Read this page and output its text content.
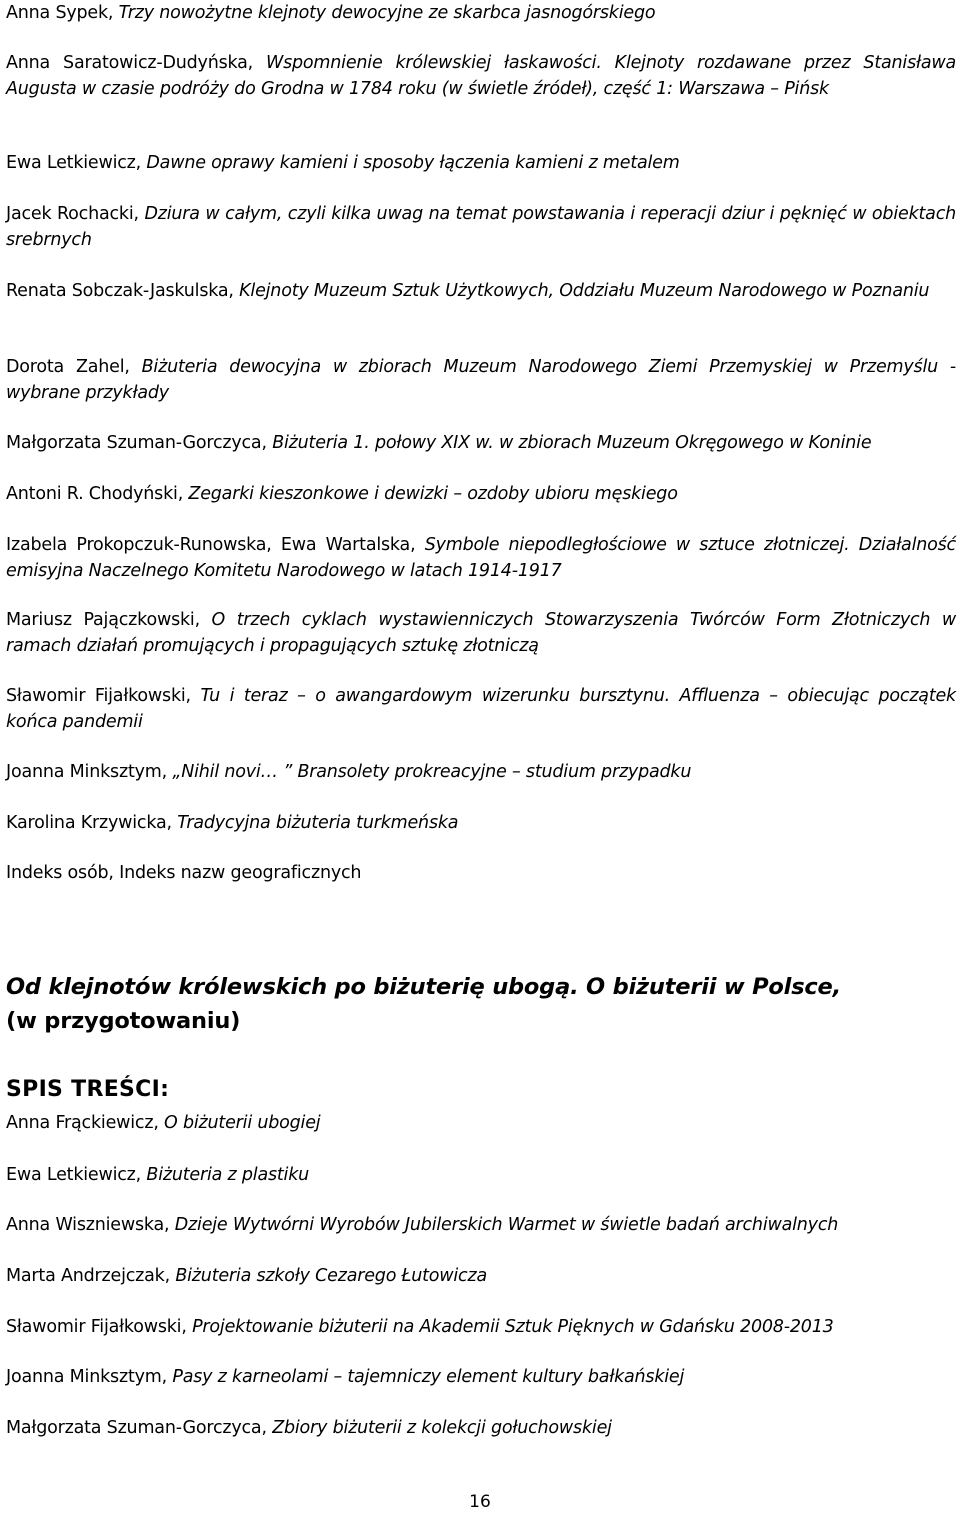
Anna Sypek, Trzy nowożytne klejnoty dewocyjne ze skarbca jasnogórskiego
Anna Saratowicz-Dudyńska, Wspomnienie królewskiej łaskawości. Klejnoty rozdawane przez Stanisława Augusta w czasie podróży do Grodna w 1784 roku (w świetle źródeł), część 1: Warszawa – Pińsk
Ewa Letkiewicz, Dawne oprawy kamieni i sposoby łączenia kamieni z metalem
Jacek Rochacki, Dziura w całym, czyli kilka uwag na temat powstawania i reperacji dziur i pęknięć w obiektach srebrnych
Renata Sobczak-Jaskulska, Klejnoty Muzeum Sztuk Użytkowych, Oddziału Muzeum Narodowego w Poznaniu
Dorota Zahel, Biżuteria dewocyjna w zbiorach Muzeum Narodowego Ziemi Przemyskiej w Przemyślu - wybrane przykłady
Małgorzata Szuman-Gorczyca, Biżuteria 1. połowy XIX w. w zbiorach Muzeum Okręgowego w Koninie
Antoni R. Chodyński, Zegarki kieszonkowe i dewizki – ozdoby ubioru męskiego
Izabela Prokopczuk-Runowska, Ewa Wartalska, Symbole niepodległościowe w sztuce złotniczej. Działalność emisyjna Naczelnego Komitetu Narodowego w latach 1914-1917
Mariusz Pajączkowski, O trzech cyklach wystawienniczych Stowarzyszenia Twórców Form Złotniczych w ramach działań promujących i propagujących sztukę złotniczą
Sławomir Fijałkowski, Tu i teraz – o awangardowym wizerunku bursztynu. Affluenza – obiecując początek końca pandemii
Joanna Minksztym, „Nihil novi… ” Bransolety prokreacyjne – studium przypadku
Karolina Krzywicka, Tradycyjna biżuteria turkmeńska
Indeks osób, Indeks nazw geograficznych
Od klejnotów królewskich po biżuterię ubogą. O biżuterii w Polsce,
(w przygotowaniu)
SPIS TREŚCI:
Anna Frąckiewicz, O biżuterii ubogiej
Ewa Letkiewicz, Biżuteria z plastiku
Anna Wiszniewska, Dzieje Wytwórni Wyrobów Jubilerskich Warmet w świetle badań archiwalnych
Marta Andrzejczak, Biżuteria szkoły Cezarego Łutowicza
Sławomir Fijałkowski, Projektowanie biżuterii na Akademii Sztuk Pięknych w Gdańsku 2008-2013
Joanna Minksztym, Pasy z karneolami – tajemniczy element kultury bałkańskiej
Małgorzata Szuman-Gorczyca, Zbiory biżuterii z kolekcji gołuchowskiej
16
